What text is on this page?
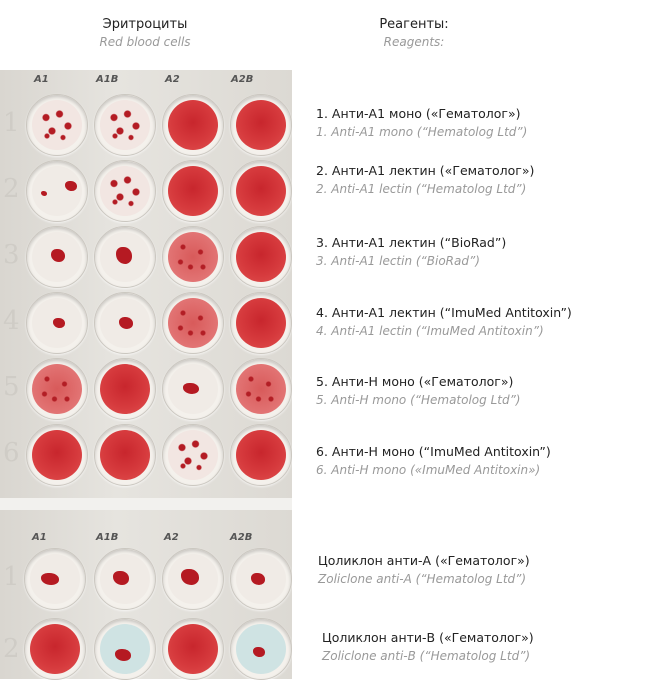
Эритроциты
Red blood cells
Реагенты:
Reagents:
A1	A1B	A2	A2B
1
2
3
4
5
6
A1	A1B	A2	A2B
1
2
1. Анти-А1 моно («Гематолог»)
1. Anti-A1 mono (“Hematolog Ltd”)
2. Анти-А1 лектин («Гематолог»)
2. Anti-A1 lectin (“Hematolog Ltd”)
3. Анти-А1 лектин (“BioRad”)
3. Anti-A1 lectin (“BioRad”)
4. Анти-А1 лектин (“ImuMed Antitoxin”)
4. Anti-A1 lectin (“ImuMed Antitoxin”)
5. Анти-Н моно («Гематолог»)
5. Anti-H mono (“Hematolog Ltd”)
6. Анти-Н моно (“ImuMed Antitoxin”)
6. Anti-H mono («ImuMed Antitoxin»)
Цоликлон анти-А («Гематолог»)
Zoliclone anti-A (“Hematolog Ltd”)
Цоликлон анти-В («Гематолог»)
Zoliclone anti-B (“Hematolog Ltd”)
